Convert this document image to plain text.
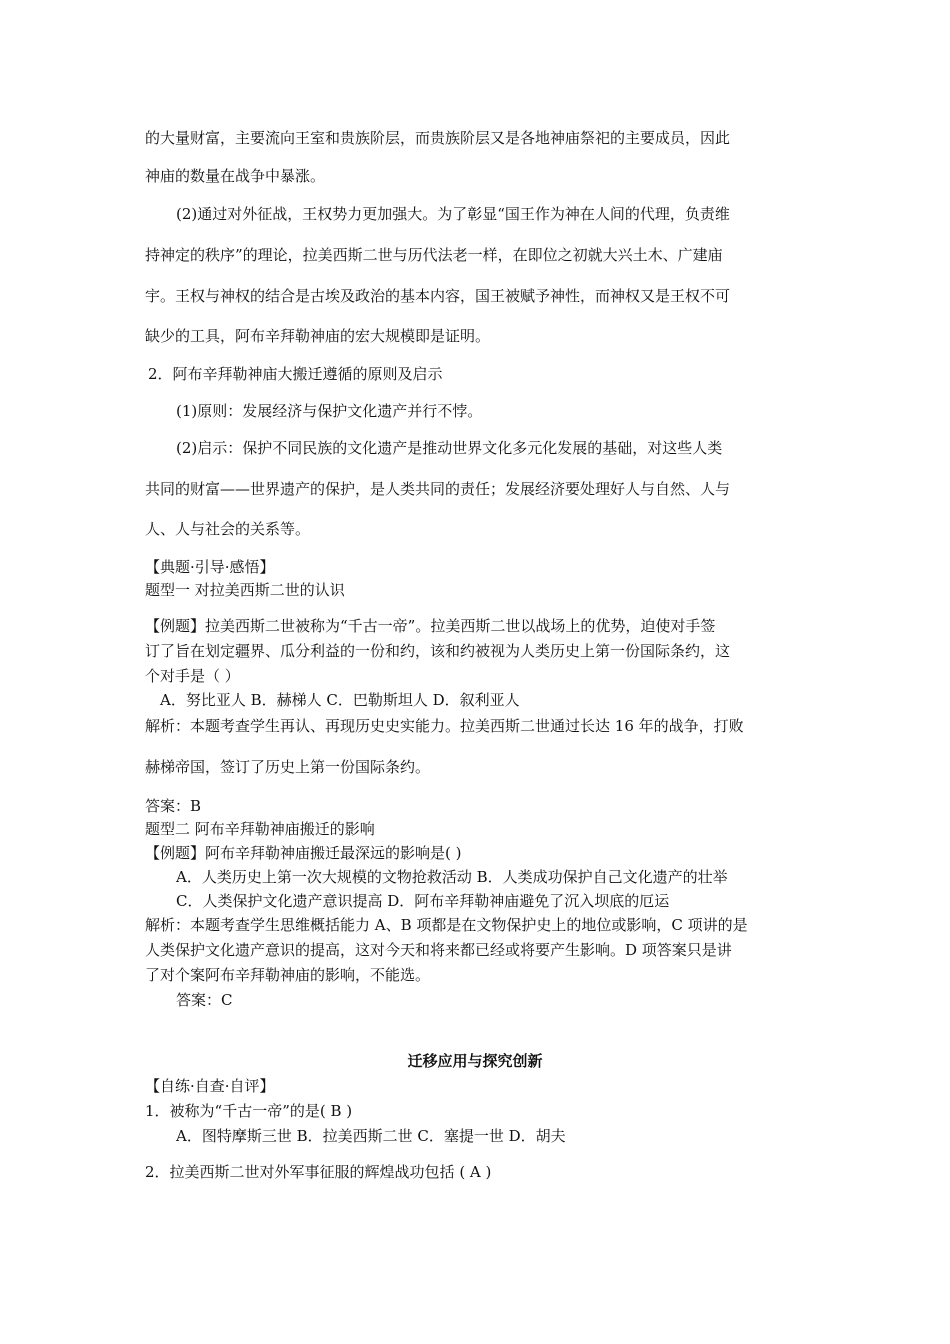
的大量财富，主要流向王室和贵族阶层，而贵族阶层又是各地神庙祭祀的主要成员，因此
神庙的数量在战争中暴涨。
(2)通过对外征战，王权势力更加强大。为了彰显“国王作为神在人间的代理，负责维
持神定的秩序”的理论，拉美西斯二世与历代法老一样，在即位之初就大兴土木、广建庙
宇。王权与神权的结合是古埃及政治的基本内容，国王被赋予神性，而神权又是王权不可
缺少的工具，阿布辛拜勒神庙的宏大规模即是证明。
2．阿布辛拜勒神庙大搬迁遵循的原则及启示
(1)原则：发展经济与保护文化遗产并行不悖。
(2)启示：保护不同民族的文化遗产是推动世界文化多元化发展的基础，对这些人类
共同的财富——世界遗产的保护，是人类共同的责任；发展经济要处理好人与自然、人与
人、人与社会的关系等。
【典题·引导·感悟】
题型一 对拉美西斯二世的认识
【例题】拉美西斯二世被称为“千古一帝”。拉美西斯二世以战场上的优势，迫使对手签
订了旨在划定疆界、瓜分利益的一份和约，该和约被视为人类历史上第一份国际条约，这
个对手是（ ）
A．努比亚人 B．赫梯人 C．巴勒斯坦人 D．叙利亚人
解析：本题考查学生再认、再现历史史实能力。拉美西斯二世通过长达 16 年的战争，打败
赫梯帝国，签订了历史上第一份国际条约。
答案：B
题型二 阿布辛拜勒神庙搬迁的影响
【例题】阿布辛拜勒神庙搬迁最深远的影响是( )
A．人类历史上第一次大规模的文物抢救活动 B．人类成功保护自己文化遗产的壮举
C．人类保护文化遗产意识提高 D．阿布辛拜勒神庙避免了沉入坝底的厄运
解析：本题考查学生思维概括能力 A、B 项都是在文物保护史上的地位或影响，C 项讲的是
人类保护文化遗产意识的提高，这对今天和将来都已经或将要产生影响。D 项答案只是讲
了对个案阿布辛拜勒神庙的影响，不能选。
答案：C
迁移应用与探究创新
【自练·自查·自评】
1．被称为“千古一帝”的是( B )
A．图特摩斯三世 B．拉美西斯二世 C．塞提一世 D．胡夫
2．拉美西斯二世对外军事征服的辉煌战功包括 ( A )
